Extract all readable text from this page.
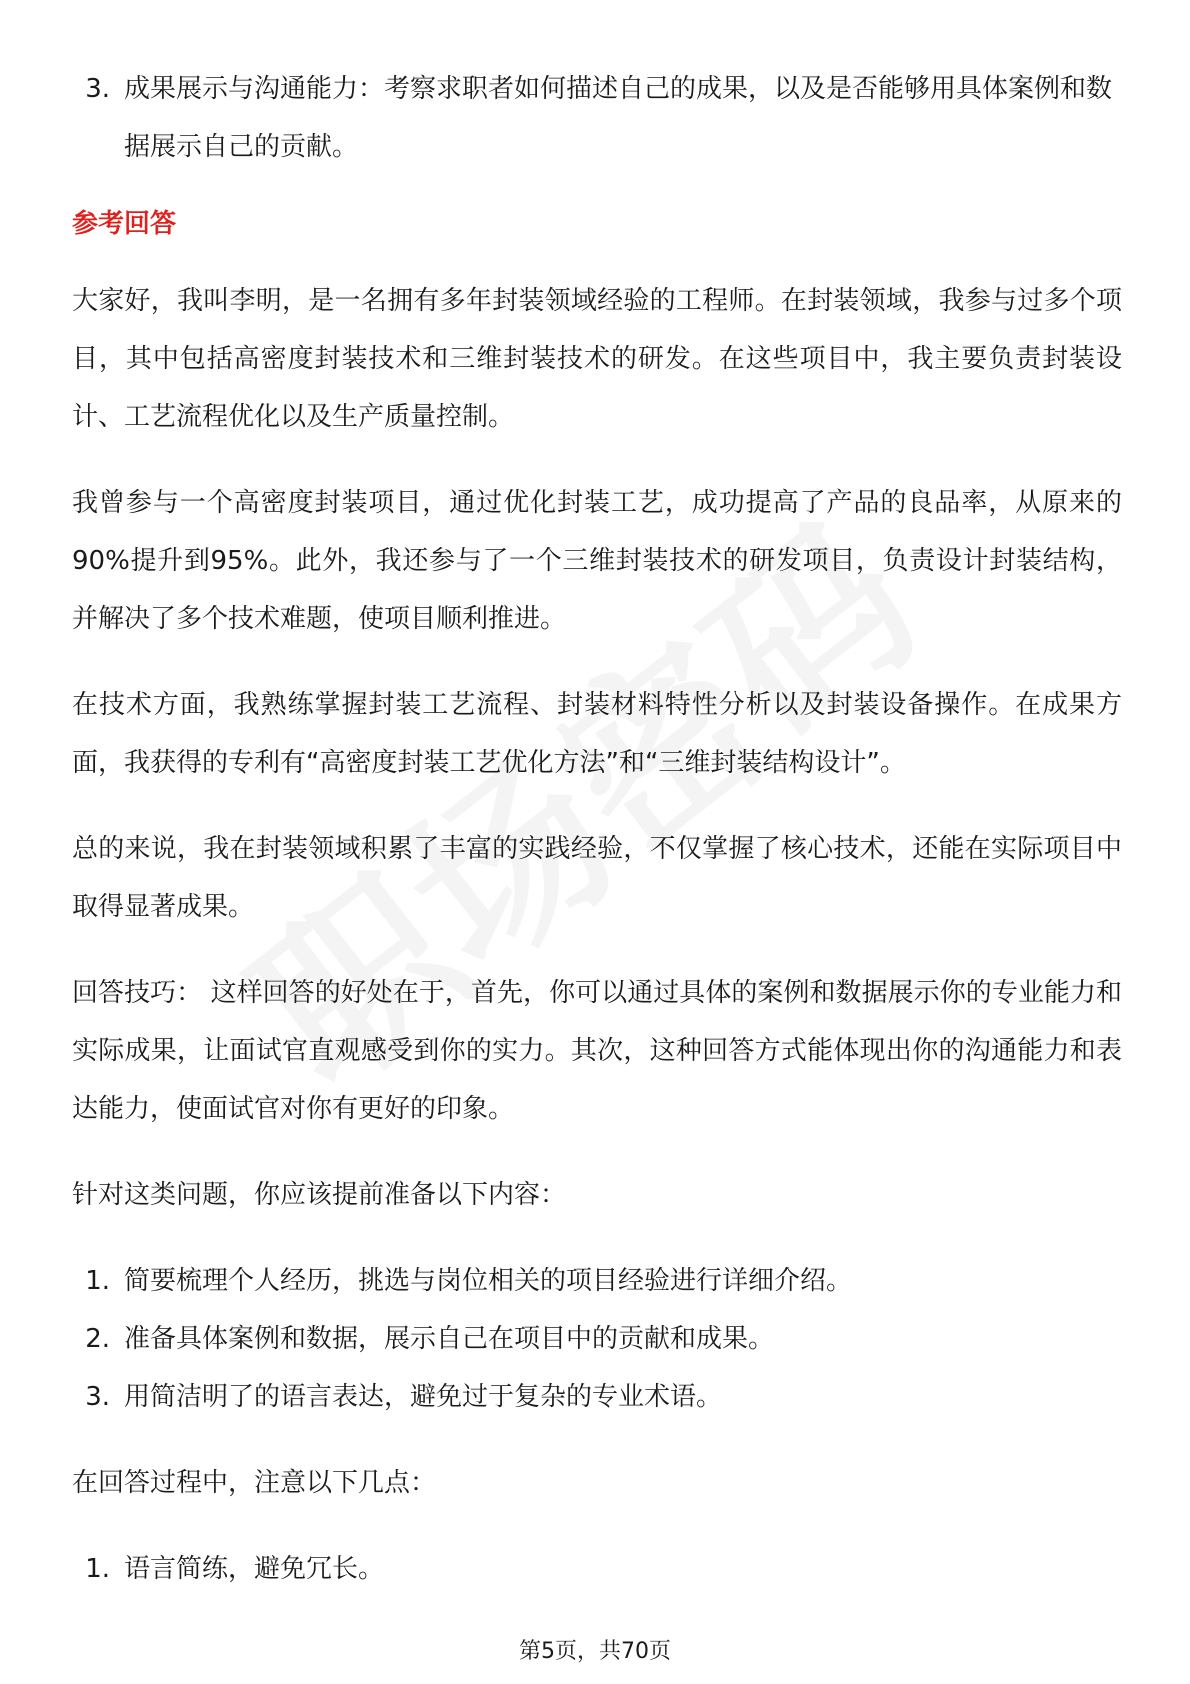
3. 成果展示与沟通能力：考察求职者如何描述自己的成果，以及是否能够用具体案例和数据展示自己的贡献。
参考回答

大家好，我叫李明，是一名拥有多年封装领域经验的工程师。在封装领域，我参与过多个项目，其中包括高密度封装技术和三维封装技术的研发。在这些项目中，我主要负责封装设计、工艺流程优化以及生产质量控制。

我曾参与一个高密度封装项目，通过优化封装工艺，成功提高了产品的良品率，从原来的90%提升到95%。此外，我还参与了一个三维封装技术的研发项目，负责设计封装结构，并解决了多个技术难题，使项目顺利推进。

在技术方面，我熟练掌握封装工艺流程、封装材料特性分析以及封装设备操作。在成果方面，我获得的专利有“高密度封装工艺优化方法”和“三维封装结构设计”。

总的来说，我在封装领域积累了丰富的实践经验，不仅掌握了核心技术，还能在实际项目中取得显著成果。

回答技巧： 这样回答的好处在于，首先，你可以通过具体的案例和数据展示你的专业能力和实际成果，让面试官直观感受到你的实力。其次，这种回答方式能体现出你的沟通能力和表达能力，使面试官对你有更好的印象。

针对这类问题，你应该提前准备以下内容：

1. 简要梳理个人经历，挑选与岗位相关的项目经验进行详细介绍。
2. 准备具体案例和数据，展示自己在项目中的贡献和成果。
3. 用简洁明了的语言表达，避免过于复杂的专业术语。

在回答过程中，注意以下几点：

1. 语言简练，避免冗长。
第5页，共70页
